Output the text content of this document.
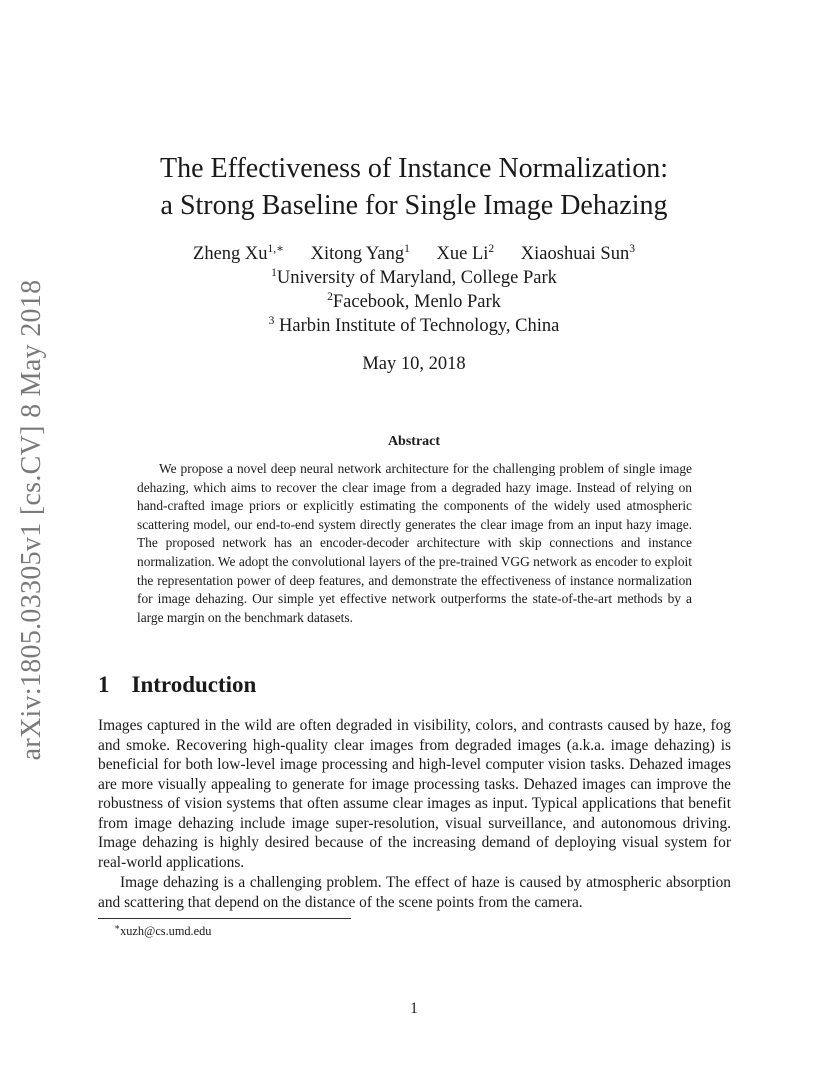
arXiv:1805.03305v1 [cs.CV] 8 May 2018
The Effectiveness of Instance Normalization:
a Strong Baseline for Single Image Dehazing
Zheng $Xu^{1,∗}$ Xitong Yang$^1$ Xue Li$^2$ Xiaoshuai Sun$^3$
$^1$University of Maryland, College Park
$^2$Facebook, Menlo Park
$^3$ Harbin Institute of Technology, China
May 10, 2018
Abstract

We propose a novel deep neural network architecture for the challenging problem of single image dehazing, which aims to recover the clear image from a degraded hazy image. Instead of relying on hand-crafted image priors or explicitly estimating the components of the widely used atmospheric scattering model, our end-to-end system directly generates the clear image from an input hazy image. The proposed network has an encoder-decoder architecture with skip connections and instance normalization. We adopt the convolutional layers of the pre-trained VGG network as encoder to exploit the representation power of deep features, and demonstrate the effectiveness of instance normalization for image dehazing. Our simple yet effective network outperforms the state-of-the-art methods by a large margin on the benchmark datasets.

1 Introduction

Images captured in the wild are often degraded in visibility, colors, and contrasts caused by haze, fog and smoke. Recovering high-quality clear images from degraded images (a.k.a. image dehazing) is beneficial for both low-level image processing and high-level computer vision tasks. Dehazed images are more visually appealing to generate for image processing tasks. Dehazed images can improve the robustness of vision systems that often assume clear images as input. Typical applications that benefit from image dehazing include image super-resolution, visual surveillance, and autonomous driving. Image dehazing is highly desired because of the increasing demand of deploying visual system for real-world applications.

Image dehazing is a challenging problem. The effect of haze is caused by atmospheric absorption and scattering that depend on the distance of the scene points from the camera.

∗xuzh@cs.umd.edu
1
